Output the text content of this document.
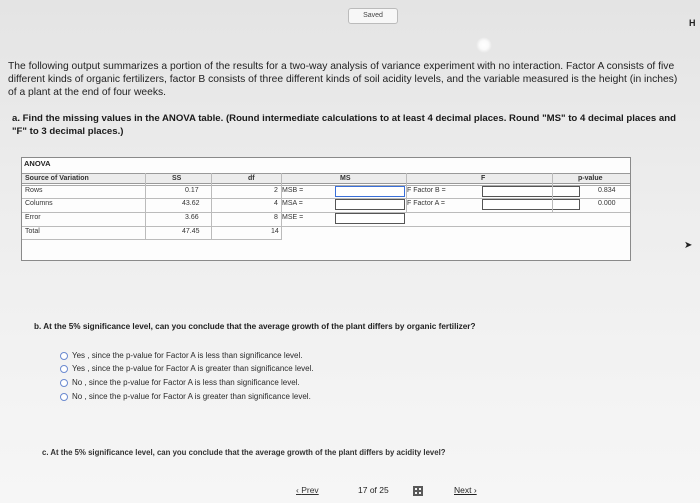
Saved
H
The following output summarizes a portion of the results for a two-way analysis of variance experiment with no interaction. Factor A consists of five different kinds of organic fertilizers, factor B consists of three different kinds of soil acidity levels, and the variable measured is the height (in inches) of a plant at the end of four weeks.
a. Find the missing values in the ANOVA table. (Round intermediate calculations to at least 4 decimal places. Round "MS" to 4 decimal places and "F" to 3 decimal places.)
ANOVA
Source of Variation	SS	df	MS	F	p-value
Rows	0.17	2 MSB =	F Factor B =	0.834
Columns	43.62	4 MSA =	F Factor A =	0.000
Error	3.66	8 MSE =
Total	47.45	14
➤
b. At the 5% significance level, can you conclude that the average growth of the plant differs by organic fertilizer?
Yes , since the p-value for Factor A is less than significance level.
Yes , since the p-value for Factor A is greater than significance level.
No , since the p-value for Factor A is less than significance level.
No , since the p-value for Factor A is greater than significance level.
c. At the 5% significance level, can you conclude that the average growth of the plant differs by acidity level?
‹ Prev	17 of 25	Next ›
